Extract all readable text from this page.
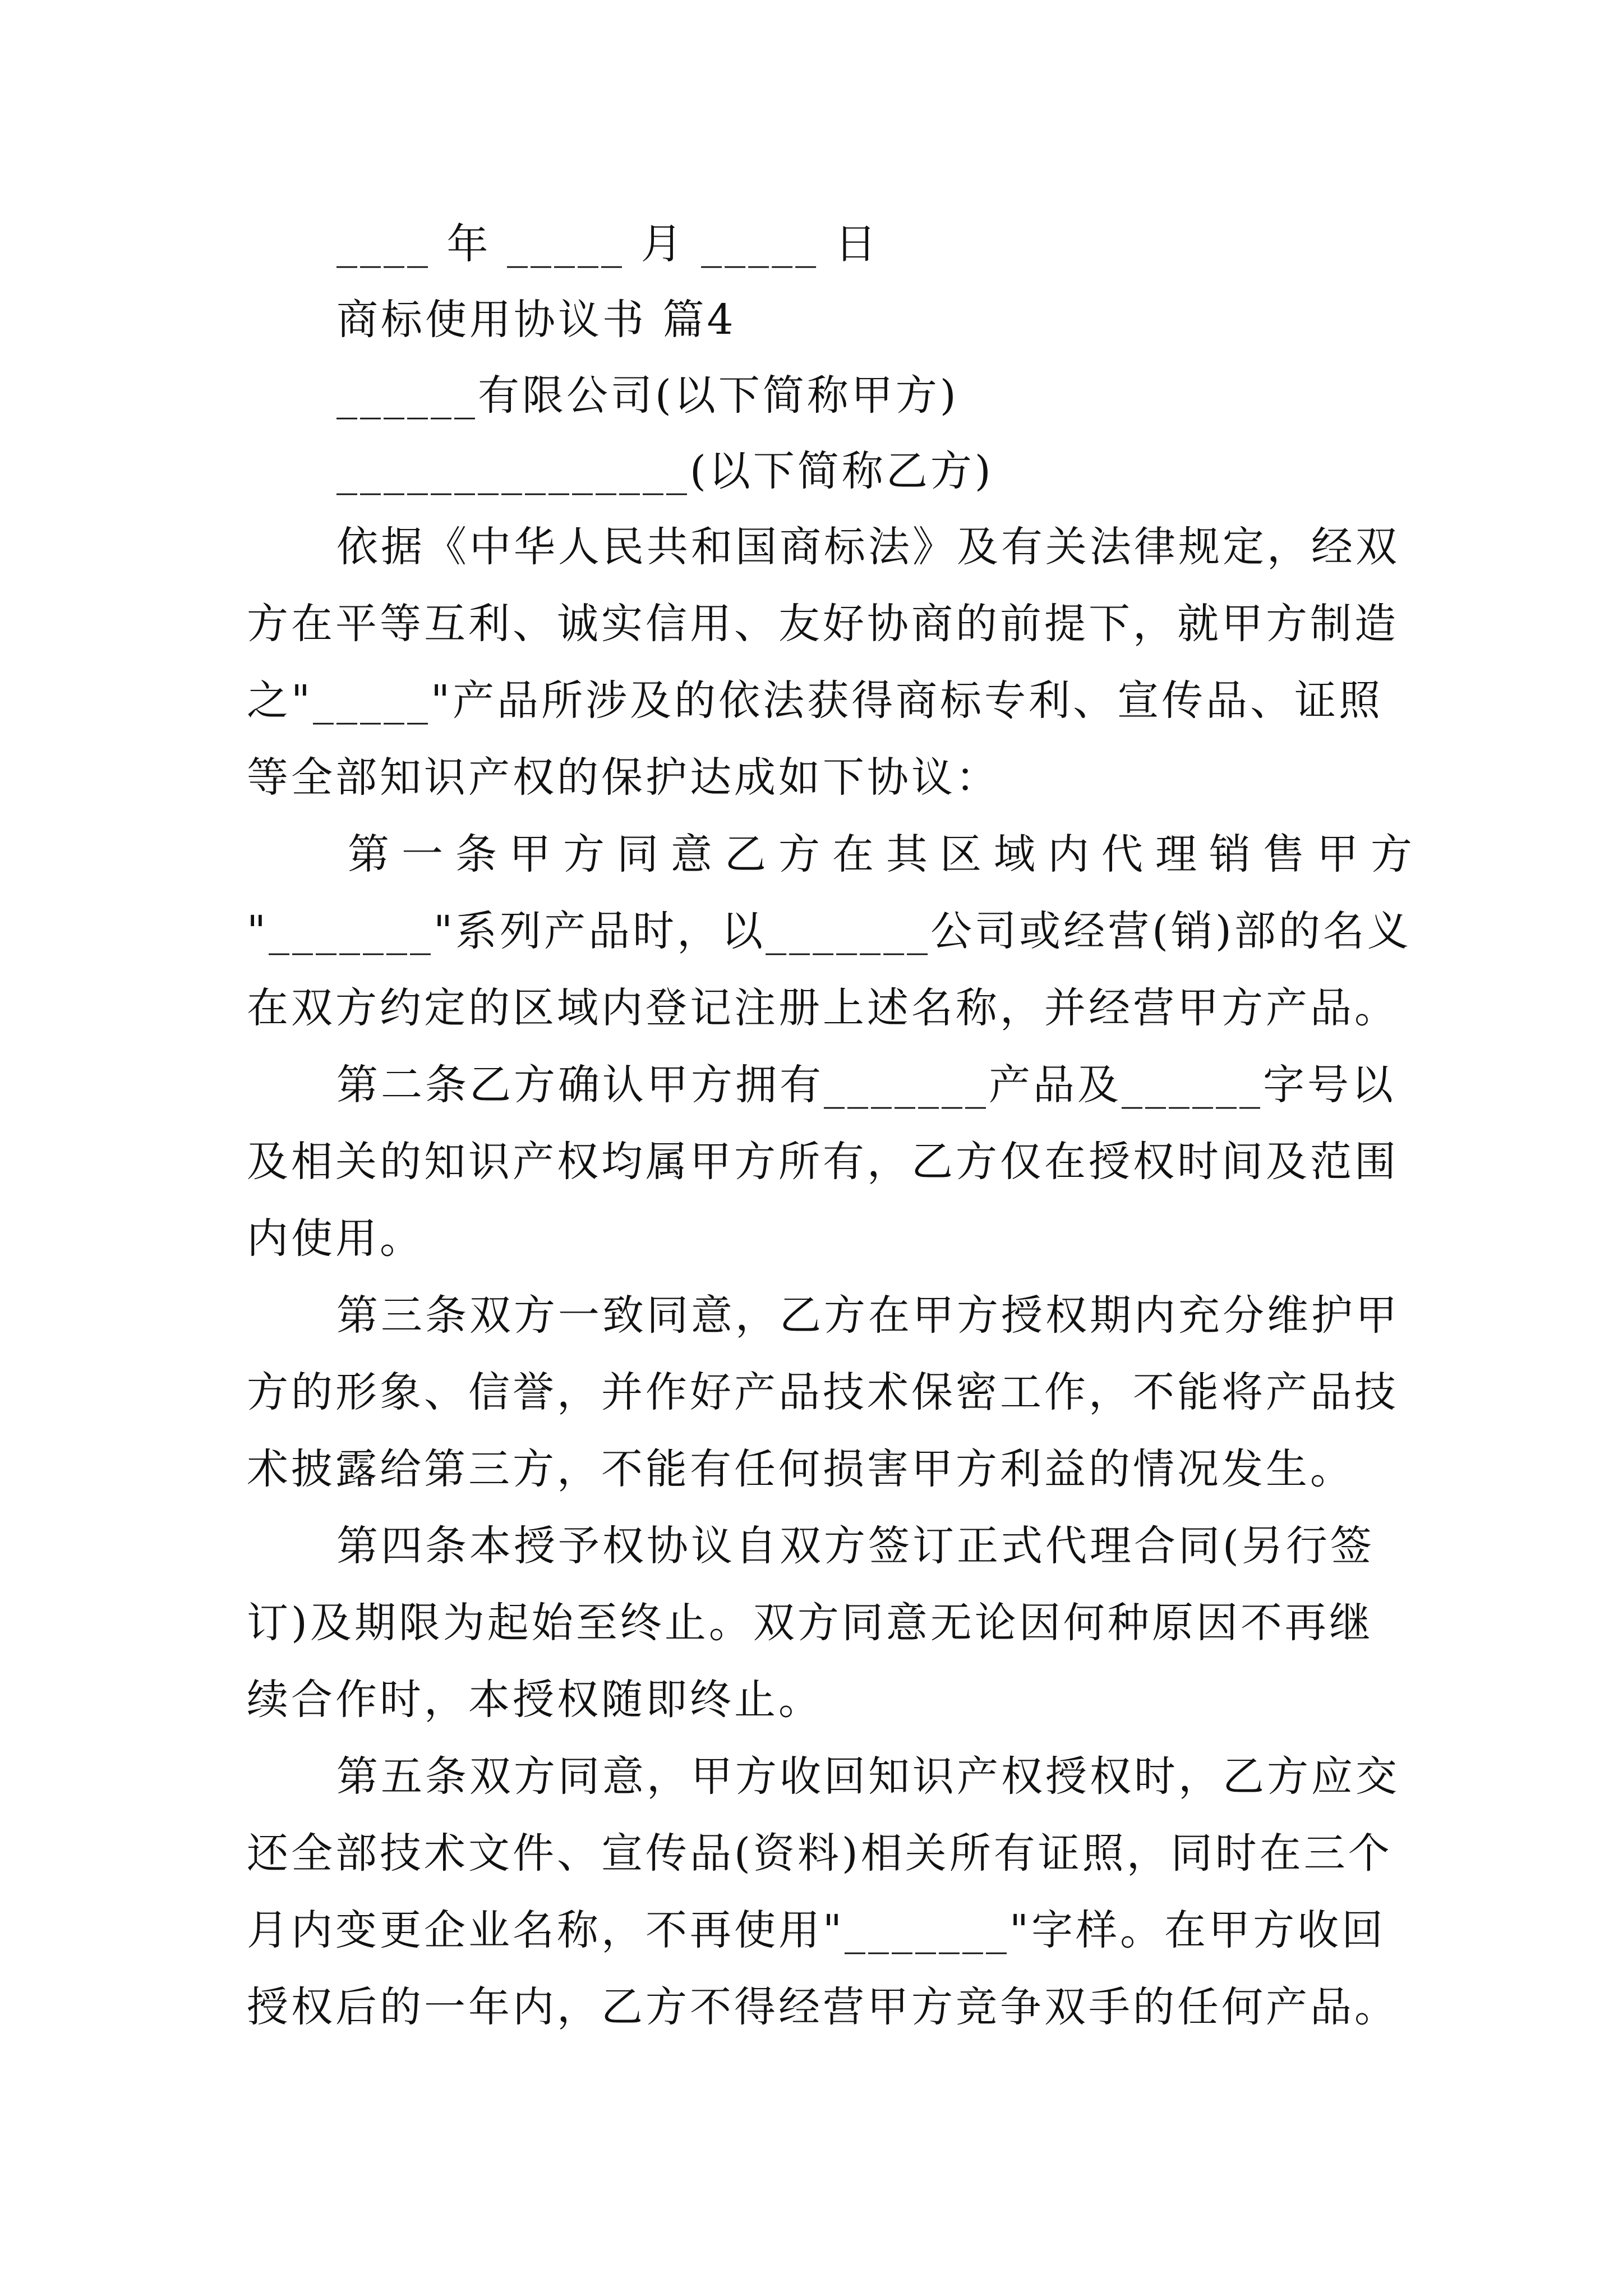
____ 年 _____ 月 _____ 日
商标使用协议书 篇4
______有限公司(以下简称甲方)
_______________(以下简称乙方)
依据《中华人民共和国商标法》及有关法律规定，经双
方在平等互利、诚实信用、友好协商的前提下，就甲方制造
之"_____"产品所涉及的依法获得商标专利、宣传品、证照
等全部知识产权的保护达成如下协议：
第一条甲方同意乙方在其区域内代理销售甲方
"_______"系列产品时，以_______公司或经营(销)部的名义
在双方约定的区域内登记注册上述名称，并经营甲方产品。
第二条乙方确认甲方拥有_______产品及______字号以
及相关的知识产权均属甲方所有，乙方仅在授权时间及范围
内使用。
第三条双方一致同意，乙方在甲方授权期内充分维护甲
方的形象、信誉，并作好产品技术保密工作，不能将产品技
术披露给第三方，不能有任何损害甲方利益的情况发生。
第四条本授予权协议自双方签订正式代理合同(另行签
订)及期限为起始至终止。双方同意无论因何种原因不再继
续合作时，本授权随即终止。
第五条双方同意，甲方收回知识产权授权时，乙方应交
还全部技术文件、宣传品(资料)相关所有证照，同时在三个
月内变更企业名称，不再使用"_______"字样。在甲方收回
授权后的一年内，乙方不得经营甲方竞争双手的任何产品。
